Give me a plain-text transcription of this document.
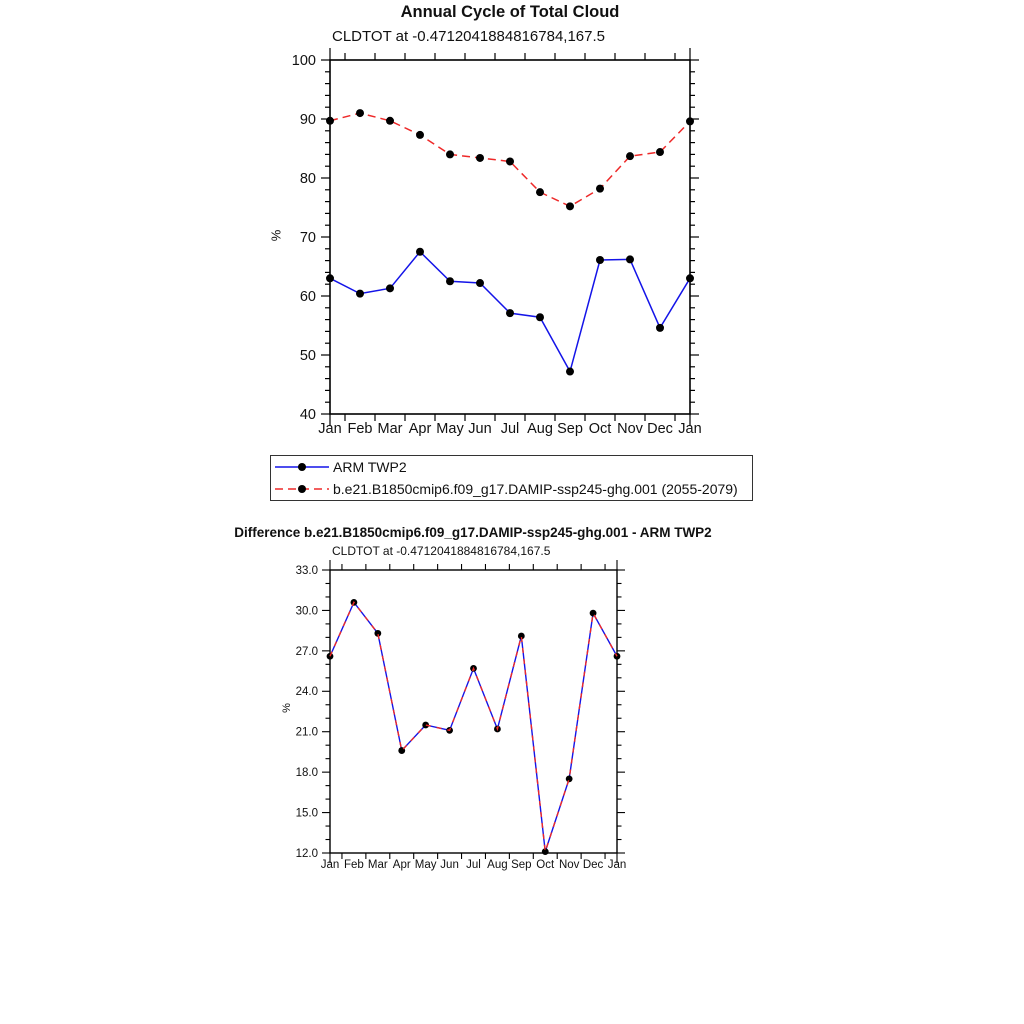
40
50
60
70
80
90
100
Jan Feb Mar Apr May Jun Jul Aug Sep Oct Nov Dec Jan
12.0
15.0
18.0
21.0
24.0
27.0
30.0
33.0
Jan Feb Mar Apr May Jun Jul Aug Sep Oct Nov Dec Jan
Annual Cycle of Total Cloud
CLDTOT at -0.4712041884816784,167.5
%
ARM TWP2
b.e21.B1850cmip6.f09_g17.DAMIP-ssp245-ghg.001 (2055-2079)
Difference b.e21.B1850cmip6.f09_g17.DAMIP-ssp245-ghg.001 - ARM TWP2
CLDTOT at -0.4712041884816784,167.5
%
